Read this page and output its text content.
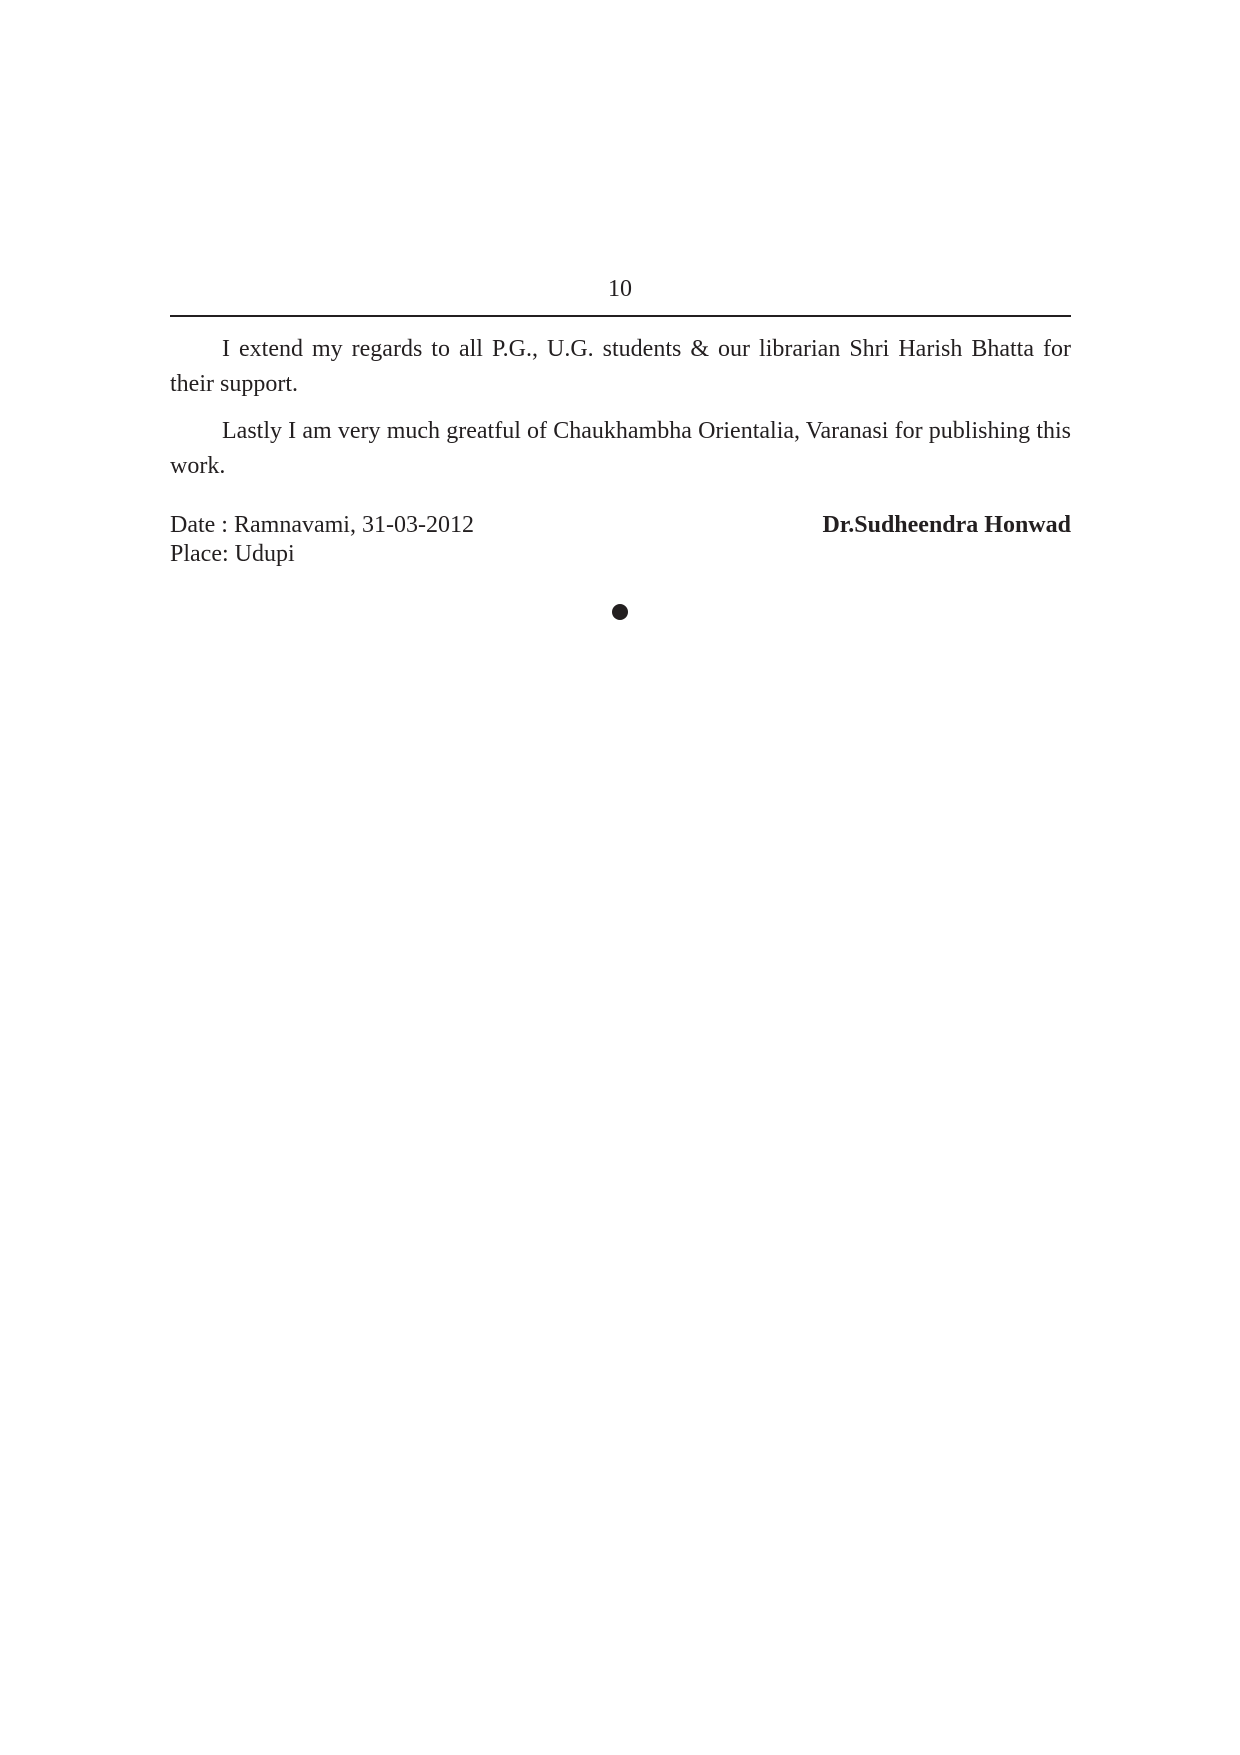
10

I extend my regards to all P.G., U.G. students & our librarian Shri Harish Bhatta for their support.

Lastly I am very much greatful of Chaukhambha Orientalia, Varanasi for publishing this work.

Date : Ramnavami, 31-03-2012	Dr.Sudheendra Honwad
Place: Udupi
